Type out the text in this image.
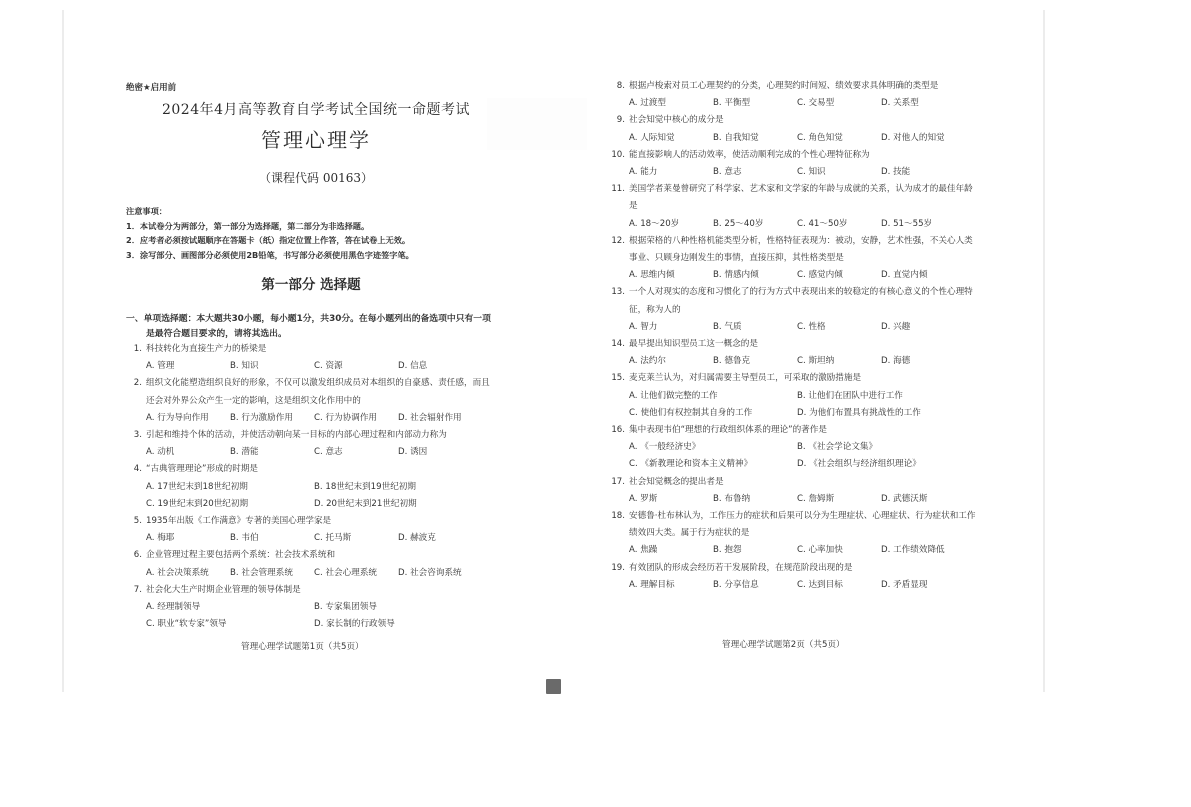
绝密★启用前
2024年4月高等教育自学考试全国统一命题考试
管理心理学
（课程代码 00163）
注意事项：
1．本试卷分为两部分，第一部分为选择题，第二部分为非选择题。
2．应考者必须按试题顺序在答题卡（纸）指定位置上作答，答在试卷上无效。
3．涂写部分、画图部分必须使用2B铅笔，书写部分必须使用黑色字迹签字笔。
第一部分 选择题
一、单项选择题：本大题共30小题，每小题1分，共30分。在每小题列出的备选项中只有一项是最符合题目要求的，请将其选出。
1. 科技转化为直接生产力的桥梁是
A. 管理	B. 知识	C. 资源	D. 信息
2. 组织文化能塑造组织良好的形象，不仅可以激发组织成员对本组织的自豪感、责任感，而且还会对外界公众产生一定的影响，这是组织文化作用中的
A. 行为导向作用	B. 行为激励作用	C. 行为协调作用	D. 社会辐射作用
3. 引起和维持个体的活动，并使活动朝向某一目标的内部心理过程和内部动力称为
A. 动机	B. 潜能	C. 意志	D. 诱因
4. “古典管理理论”形成的时期是
A. 17世纪末到18世纪初期	B. 18世纪末到19世纪初期
C. 19世纪末到20世纪初期	D. 20世纪末到21世纪初期
5. 1935年出版《工作满意》专著的美国心理学家是
A. 梅耶	B. 韦伯	C. 托马斯	D. 赫波克
6. 企业管理过程主要包括两个系统：社会技术系统和
A. 社会决策系统	B. 社会管理系统	C. 社会心理系统	D. 社会咨询系统
7. 社会化大生产时期企业管理的领导体制是
A. 经理制领导	B. 专家集团领导
C. 职业“软专家”领导	D. 家长制的行政领导
管理心理学试题第1页（共5页）
8. 根据卢梭索对员工心理契约的分类，心理契约时间短、绩效要求具体明确的类型是
A. 过渡型	B. 平衡型	C. 交易型	D. 关系型
9. 社会知觉中核心的成分是
A. 人际知觉	B. 自我知觉	C. 角色知觉	D. 对他人的知觉
10. 能直接影响人的活动效率，使活动顺利完成的个性心理特征称为
A. 能力	B. 意志	C. 知识	D. 技能
11. 美国学者莱曼曾研究了科学家、艺术家和文学家的年龄与成就的关系，认为成才的最佳年龄是
A. 18～20岁	B. 25～40岁	C. 41～50岁	D. 51～55岁
12. 根据荣格的八种性格机能类型分析，性格特征表现为：被动，安静，艺术性强，不关心人类事业、只顾身边刚发生的事情，直接压抑，其性格类型是
A. 思维内倾	B. 情感内倾	C. 感觉内倾	D. 直觉内倾
13. 一个人对现实的态度和习惯化了的行为方式中表现出来的较稳定的有核心意义的个性心理特征，称为人的
A. 智力	B. 气质	C. 性格	D. 兴趣
14. 最早提出知识型员工这一概念的是
A. 法约尔	B. 德鲁克	C. 斯坦纳	D. 海德
15. 麦克莱兰认为，对归属需要主导型员工，可采取的激励措施是
A. 让他们做完整的工作	B. 让他们在团队中进行工作
C. 使他们有权控制其自身的工作	D. 为他们布置具有挑战性的工作
16. 集中表现韦伯“理想的行政组织体系的理论”的著作是
A. 《一般经济史》	B. 《社会学论文集》
C. 《新教理论和资本主义精神》	D. 《社会组织与经济组织理论》
17. 社会知觉概念的提出者是
A. 罗斯	B. 布鲁纳	C. 詹姆斯	D. 武德沃斯
18. 安德鲁·杜布林认为，工作压力的症状和后果可以分为生理症状、心理症状、行为症状和工作绩效四大类。属于行为症状的是
A. 焦躁	B. 抱怨	C. 心率加快	D. 工作绩效降低
19. 有效团队的形成会经历若干发展阶段，在规范阶段出现的是
A. 理解目标	B. 分享信息	C. 达到目标	D. 矛盾显现
管理心理学试题第2页（共5页）
